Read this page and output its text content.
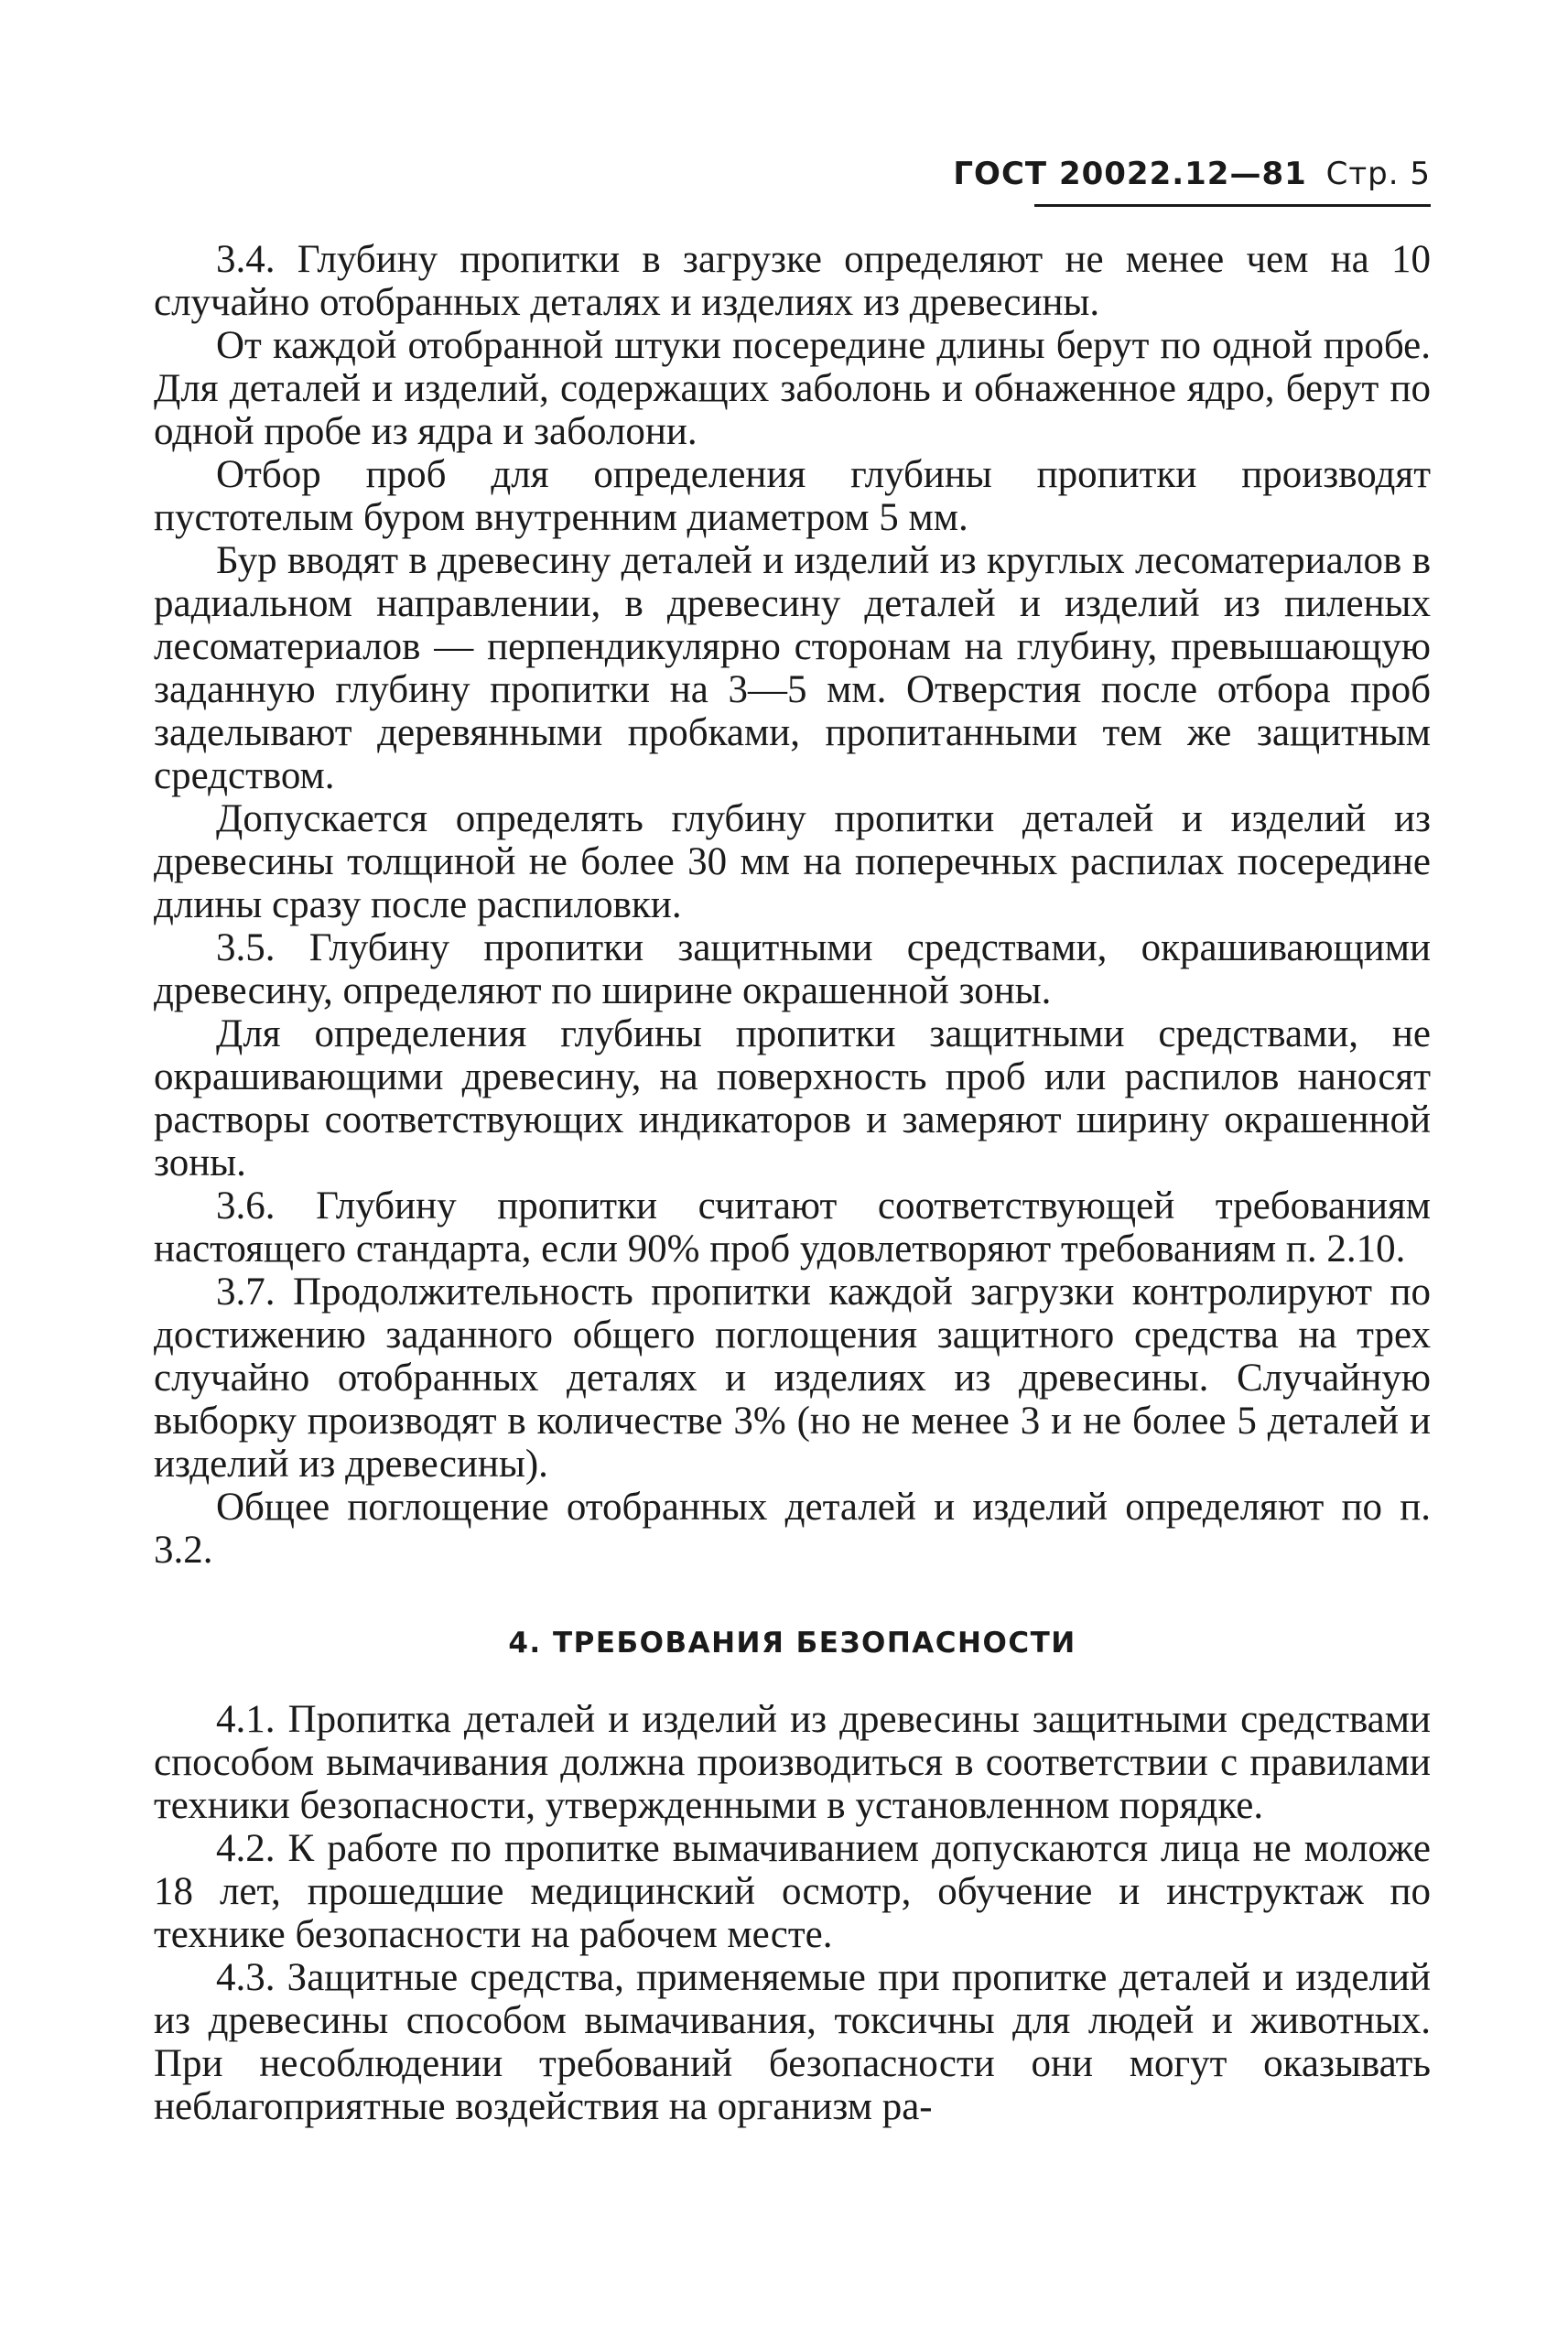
ГОСТ 20022.12—81 Стр. 5

3.4. Глубину пропитки в загрузке определяют не менее чем на 10 случайно отобранных деталях и изделиях из древесины.

От каждой отобранной штуки посередине длины берут по одной пробе. Для деталей и изделий, содержащих заболонь и обнаженное ядро, берут по одной пробе из ядра и заболони.

Отбор проб для определения глубины пропитки производят пустотелым буром внутренним диаметром 5 мм.

Бур вводят в древесину деталей и изделий из круглых лесоматериалов в радиальном направлении, в древесину деталей и изделий из пиленых лесоматериалов — перпендикулярно сторонам на глубину, превышающую заданную глубину пропитки на 3—5 мм. Отверстия после отбора проб заделывают деревянными пробками, пропитанными тем же защитным средством.

Допускается определять глубину пропитки деталей и изделий из древесины толщиной не более 30 мм на поперечных распилах посередине длины сразу после распиловки.

3.5. Глубину пропитки защитными средствами, окрашивающими древесину, определяют по ширине окрашенной зоны.

Для определения глубины пропитки защитными средствами, не окрашивающими древесину, на поверхность проб или распилов наносят растворы соответствующих индикаторов и замеряют ширину окрашенной зоны.

3.6. Глубину пропитки считают соответствующей требованиям настоящего стандарта, если 90% проб удовлетворяют требованиям п. 2.10.

3.7. Продолжительность пропитки каждой загрузки контролируют по достижению заданного общего поглощения защитного средства на трех случайно отобранных деталях и изделиях из древесины. Случайную выборку производят в количестве 3% (но не менее 3 и не более 5 деталей и изделий из древесины).

Общее поглощение отобранных деталей и изделий определяют по п. 3.2.

4. ТРЕБОВАНИЯ БЕЗОПАСНОСТИ

4.1. Пропитка деталей и изделий из древесины защитными средствами способом вымачивания должна производиться в соответствии с правилами техники безопасности, утвержденными в установленном порядке.

4.2. К работе по пропитке вымачиванием допускаются лица не моложе 18 лет, прошедшие медицинский осмотр, обучение и инструктаж по технике безопасности на рабочем месте.

4.3. Защитные средства, применяемые при пропитке деталей и изделий из древесины способом вымачивания, токсичны для людей и животных. При несоблюдении требований безопасности они могут оказывать неблагоприятные воздействия на организм ра-
